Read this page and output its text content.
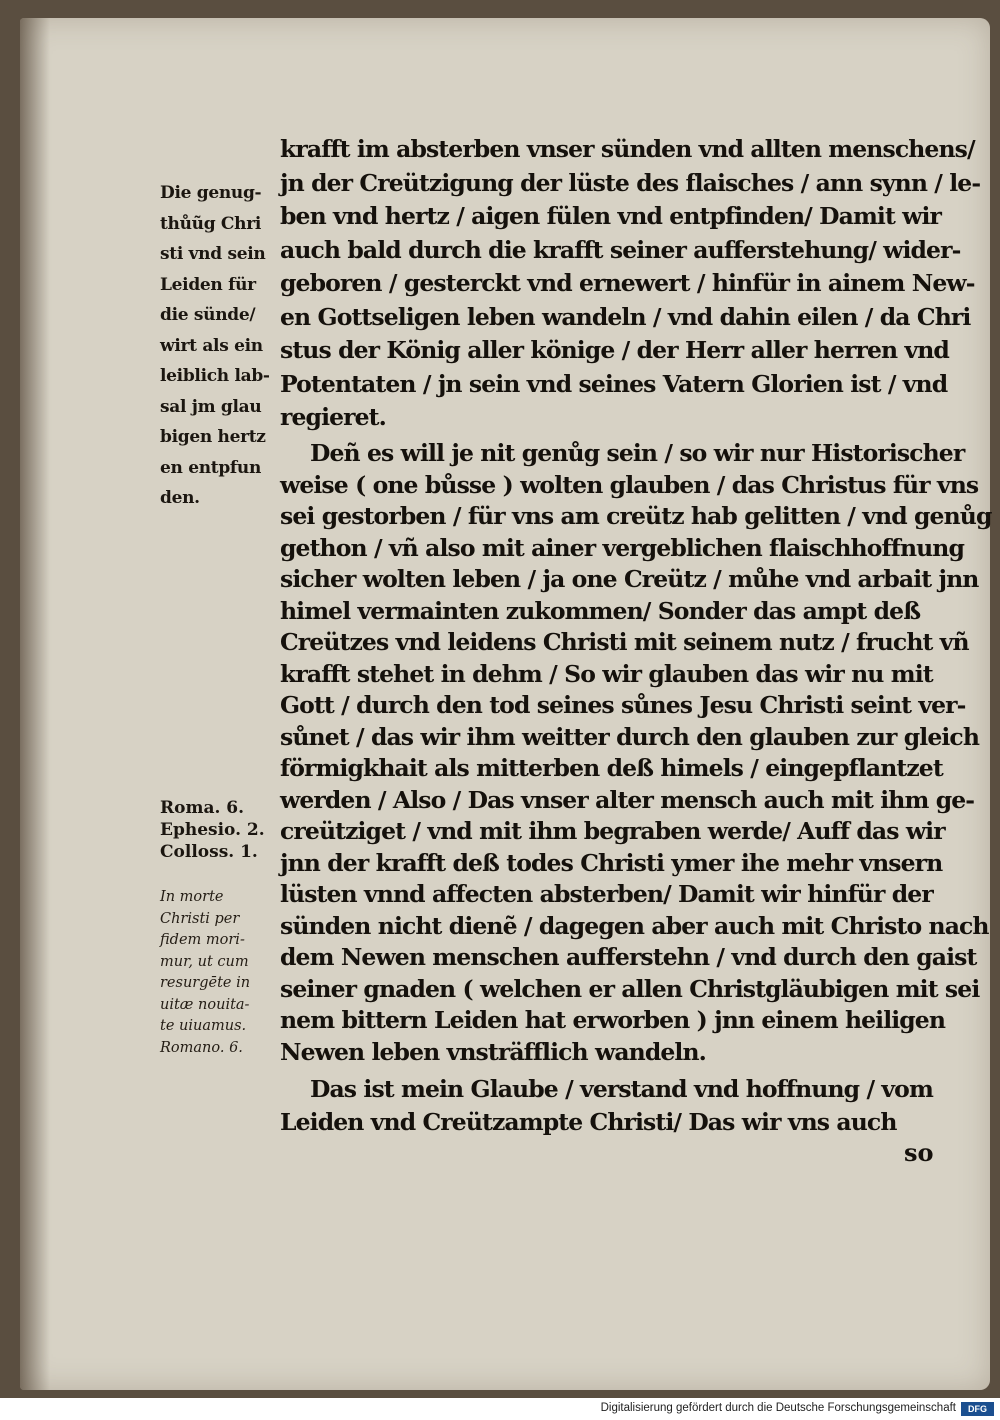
Die genug-
thůũg Chri
sti vnd sein
Leiden für
die sünde/
wirt als ein
leiblich lab-
sal jm glau
bigen hertz
en entpfun
den.
Roma. 6.
Ephesio. 2.
Colloss. 1.
In morte
Christi per
fidem mori-
mur, ut cum
resurgēte in
uitæ nouita-
te uiuamus.
Romano. 6.
krafft im absterben vnser sünden vnd allten menschens/
jn der Creützigung der lüste des flaisches / ann synn / le-
ben vnd hertz / aigen fülen vnd entpfinden/ Damit wir
auch bald durch die krafft seiner aufferstehung/ wider-
geboren / gesterckt vnd ernewert / hinfür in ainem New-
en Gottseligen leben wandeln / vnd dahin eilen / da Chri
stus der König aller könige / der Herr aller herren vnd
Potentaten / jn sein vnd seines Vatern Glorien ist / vnd
regieret.
Deñ es will je nit genůg sein / so wir nur Historischer
weise ( one bůsse ) wolten glauben / das Christus für vns
sei gestorben / für vns am creütz hab gelitten / vnd genůg
gethon / vñ also mit ainer vergeblichen flaischhoffnung
sicher wolten leben / ja one Creütz / můhe vnd arbait jnn
himel vermainten zukommen/ Sonder das ampt deß
Creützes vnd leidens Christi mit seinem nutz / frucht vñ
krafft stehet in dehm / So wir glauben das wir nu mit
Gott / durch den tod seines sůnes Jesu Christi seint ver-
sůnet / das wir ihm weitter durch den glauben zur gleich
förmigkhait als mitterben deß himels / eingepflantzet
werden / Also / Das vnser alter mensch auch mit ihm ge-
creütziget / vnd mit ihm begraben werde/ Auff das wir
jnn der krafft deß todes Christi ymer ihe mehr vnsern
lüsten vnnd affecten absterben/ Damit wir hinfür der
sünden nicht dienẽ / dagegen aber auch mit Christo nach
dem Newen menschen aufferstehn / vnd durch den gaist
seiner gnaden ( welchen er allen Christgläubigen mit sei
nem bittern Leiden hat erworben ) jnn einem heiligen
Newen leben vnsträfflich wandeln.
Das ist mein Glaube / verstand vnd hoffnung / vom
Leiden vnd Creützampte Christi/ Das wir vns auch
so
Digitalisierung gefördert durch die Deutsche Forschungsgemeinschaft	DFG
